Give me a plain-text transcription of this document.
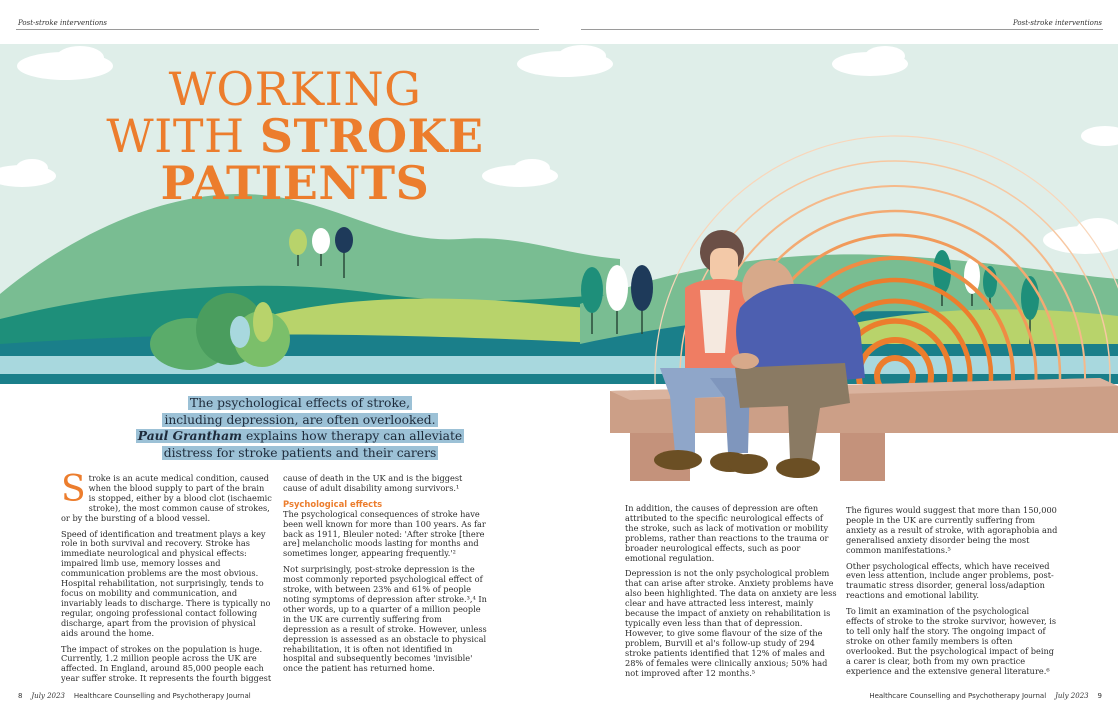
Post-stroke interventions	Post-stroke interventions
WORKING
WITH STROKE
PATIENTS
The psychological effects of stroke,
including depression, are often overlooked.
Paul Grantham explains how therapy can alleviate
distress for stroke patients and their carers

Stroke is an acute medical condition, caused when the blood supply to part of the brain is stopped, either by a blood clot (ischaemic stroke), the most common cause of strokes, or by the bursting of a blood vessel.

Speed of identification and treatment plays a key role in both survival and recovery. Stroke has immediate neurological and physical effects: impaired limb use, memory losses and communication problems are the most obvious. Hospital rehabilitation, not surprisingly, tends to focus on mobility and communication, and invariably leads to discharge. There is typically no regular, ongoing professional contact following discharge, apart from the provision of physical aids around the home.

The impact of strokes on the population is huge. Currently, 1.2 million people across the UK are affected. In England, around 85,000 people each year suffer stroke. It represents the fourth biggest

cause of death in the UK and is the biggest cause of adult disability among survivors.¹

Psychological effects

The psychological consequences of stroke have been well known for more than 100 years. As far back as 1911, Bleuler noted: 'After stroke [there are] melancholic moods lasting for months and sometimes longer, appearing frequently.'²

Not surprisingly, post-stroke depression is the most commonly reported psychological effect of stroke, with between 23% and 61% of people noting symptoms of depression after stroke.³,⁴ In other words, up to a quarter of a million people in the UK are currently suffering from depression as a result of stroke. However, unless depression is assessed as an obstacle to physical rehabilitation, it is often not identified in hospital and subsequently becomes 'invisible' once the patient has returned home.

In addition, the causes of depression are often attributed to the specific neurological effects of the stroke, such as lack of motivation or mobility problems, rather than reactions to the trauma or broader neurological effects, such as poor emotional regulation.

Depression is not the only psychological problem that can arise after stroke. Anxiety problems have also been highlighted. The data on anxiety are less clear and have attracted less interest, mainly because the impact of anxiety on rehabilitation is typically even less than that of depression. However, to give some flavour of the size of the problem, Burvill et al's follow-up study of 294 stroke patients identified that 12% of males and 28% of females were clinically anxious; 50% had not improved after 12 months.⁵

The figures would suggest that more than 150,000 people in the UK are currently suffering from anxiety as a result of stroke, with agoraphobia and generalised anxiety disorder being the most common manifestations.⁵

Other psychological effects, which have received even less attention, include anger problems, post-traumatic stress disorder, general loss/adaption reactions and emotional lability.

To limit an examination of the psychological effects of stroke to the stroke survivor, however, is to tell only half the story. The ongoing impact of stroke on other family members is often overlooked. But the psychological impact of being a carer is clear, both from my own practice experience and the extensive general literature.⁶

8 July 2023 Healthcare Counselling and Psychotherapy Journal	Healthcare Counselling and Psychotherapy Journal July 2023 9
